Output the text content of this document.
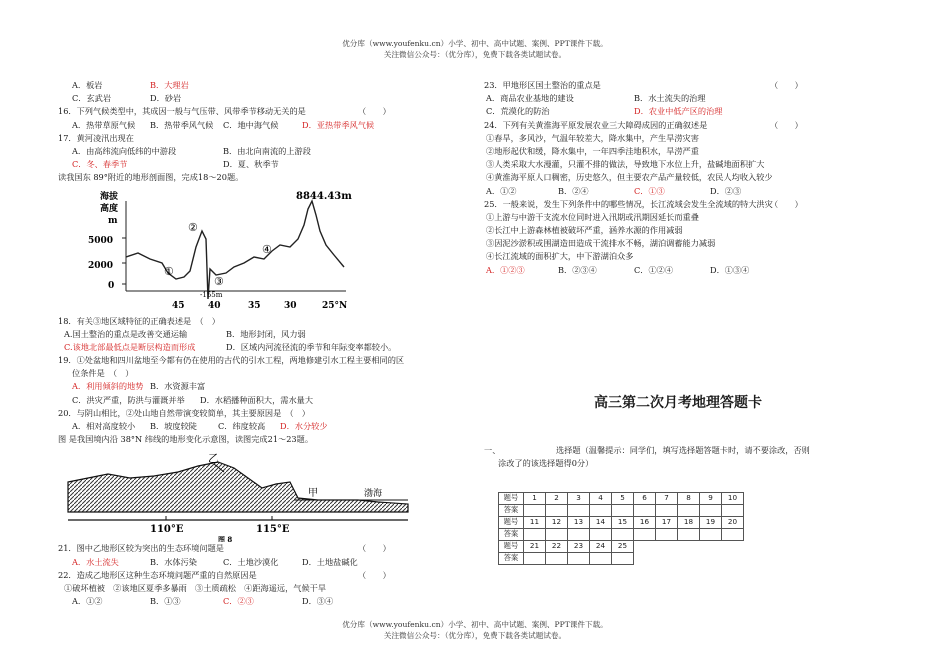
优分库（www.youfenku.cn）小学、初中、高中试题、案例、PPT课件下载。
关注微信公众号：（优分库），免费下载各类试题试卷。
A．板岩	B．大理岩
C．玄武岩	D．砂岩
16．下列气候类型中，其成因一般与气压带、风带季节移动无关的是	（　　）
A．热带草原气候 B．热带季风气候 C．地中海气候	D．亚热带季风气候
17．黄河凌汛出现在
A．由高纬流向低纬的中游段	B．由北向南流的上游段
C．冬、春季节	D．夏、秋季节
读我国东 89°附近的地形剖面图，完成18～20题。
海拔
高度
m
8844.43m
5000
2000
0
①
②
③
④
-155m
45	40	35	30	25°N
18．有关③地区域特征的正确表述是　（　）
A.国土整治的重点是改善交通运输	B．地形封闭，风力弱
C.该地北部最低点是断层构造而形成	D．区域内河流径流的季节和年际变率都较小。
19．①处盆地和四川盆地至今都有仍在使用的古代的引水工程，两地修建引水工程主要相同的区
位条件是　（　）
A．利用倾斜的地势 B．水资源丰富
C．洪灾严重，防洪与灌溉并举 D．水稻播种面积大，需水量大
20．与阴山相比，②处山地自然带演变较简单，其主要原因是　（　）
A．相对高度较小 B．坡度较陡	C．纬度较高 D．水分较少
图 是我国境内沿 38°N 纬线的地形变化示意图，读图完成21～23题。
乙
甲	渤海
110°E	115°E
图 8
21．图中乙地形区较为突出的生态环境问题是	（　　）
A．水土流失	B．水体污染	C．土地沙漠化	D．土地盐碱化
22．造成乙地形区这种生态环境问题严重的自然原因是	（　　）
①破坏植被　②该地区夏季多暴雨　③土质疏松　④距海遥远，气候干旱
A．①②	B．①③	C．②③	D．③④
23．甲地形区国土整治的重点是	（　　）
A．商品农业基地的建设	B．水土流失的治理
C．荒漠化的防治	D．农业中低产区的治理
24．下列有关黄淮海平原发展农业三大障碍成因的正确叙述是	（　　）
①春旱，多风沙，气温年较差大，降水集中，产生旱涝灾害
②地形起伏和缓，降水集中，一年四季洼地积水，旱涝严重
③人类采取大水漫灌，只灌不排的做法，导致地下水位上升，盐碱地面积扩大
④黄淮海平原人口稠密，历史悠久，但主要农产品产量较低，农民人均收入较少
A．①②	B．②④	C．①③	D．②③
25．一般来说，发生下列条件中的哪些情况，长江流域会发生全流域的特大洪灾
（　　）
①上游与中游干支流水位同时进入汛期或汛期因延长而重叠
②长江中上游森林植被破坏严重，涵养水源的作用减弱
③因泥沙淤积或围湖造田造成干流排水不畅，湖泊调蓄能力减弱
④长江流域的面积扩大，中下游湖泊众多
A．①②③	B．②③④	C．①②④	D．①③④
高三第二次月考地理答题卡
一、	选择题（温馨提示：同学们，填写选择题答题卡时，请不要涂改，否则
涂改了的该选择题得0分）
题号	1	2	3	4	5	6	7	8	9	10
答案										
题号	11	12	13	14	15	16	17	18	19	20
答案										
题号	21	22	23	24	25					
答案										
优分库（www.youfenku.cn）小学、初中、高中试题、案例、PPT课件下载。
关注微信公众号：（优分库），免费下载各类试题试卷。
